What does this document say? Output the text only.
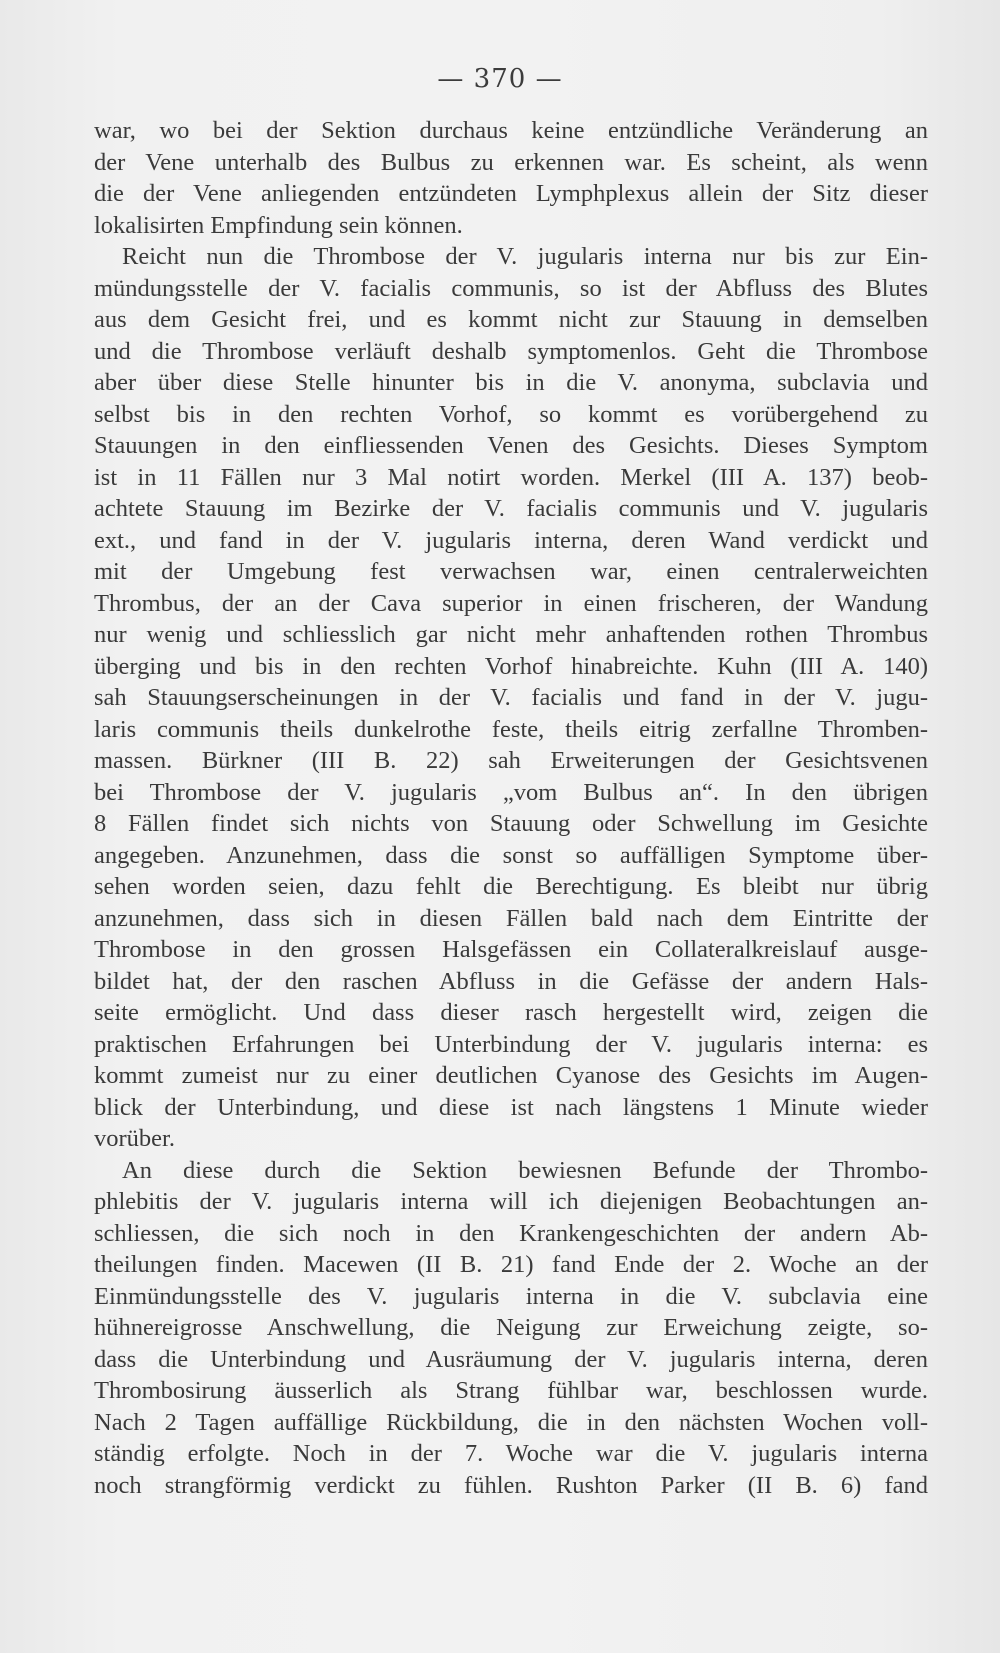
— 370 —
war, wo bei der Sektion durchaus keine entzündliche Veränderung an
der Vene unterhalb des Bulbus zu erkennen war. Es scheint, als wenn
die der Vene anliegenden entzündeten Lymphplexus allein der Sitz dieser
lokalisirten Empfindung sein können.
Reicht nun die Thrombose der V. jugularis interna nur bis zur Ein-
mündungsstelle der V. facialis communis, so ist der Abfluss des Blutes
aus dem Gesicht frei, und es kommt nicht zur Stauung in demselben
und die Thrombose verläuft deshalb symptomenlos. Geht die Thrombose
aber über diese Stelle hinunter bis in die V. anonyma, subclavia und
selbst bis in den rechten Vorhof, so kommt es vorübergehend zu
Stauungen in den einfliessenden Venen des Gesichts. Dieses Symptom
ist in 11 Fällen nur 3 Mal notirt worden. Merkel (III A. 137) beob-
achtete Stauung im Bezirke der V. facialis communis und V. jugularis
ext., und fand in der V. jugularis interna, deren Wand verdickt und
mit der Umgebung fest verwachsen war, einen centralerweichten
Thrombus, der an der Cava superior in einen frischeren, der Wandung
nur wenig und schliesslich gar nicht mehr anhaftenden rothen Thrombus
überging und bis in den rechten Vorhof hinabreichte. Kuhn (III A. 140)
sah Stauungserscheinungen in der V. facialis und fand in der V. jugu-
laris communis theils dunkelrothe feste, theils eitrig zerfallne Thromben-
massen. Bürkner (III B. 22) sah Erweiterungen der Gesichtsvenen
bei Thrombose der V. jugularis „vom Bulbus an“. In den übrigen
8 Fällen findet sich nichts von Stauung oder Schwellung im Gesichte
angegeben. Anzunehmen, dass die sonst so auffälligen Symptome über-
sehen worden seien, dazu fehlt die Berechtigung. Es bleibt nur übrig
anzunehmen, dass sich in diesen Fällen bald nach dem Eintritte der
Thrombose in den grossen Halsgefässen ein Collateralkreislauf ausge-
bildet hat, der den raschen Abfluss in die Gefässe der andern Hals-
seite ermöglicht. Und dass dieser rasch hergestellt wird, zeigen die
praktischen Erfahrungen bei Unterbindung der V. jugularis interna: es
kommt zumeist nur zu einer deutlichen Cyanose des Gesichts im Augen-
blick der Unterbindung, und diese ist nach längstens 1 Minute wieder
vorüber.
An diese durch die Sektion bewiesnen Befunde der Thrombo-
phlebitis der V. jugularis interna will ich diejenigen Beobachtungen an-
schliessen, die sich noch in den Krankengeschichten der andern Ab-
theilungen finden. Macewen (II B. 21) fand Ende der 2. Woche an der
Einmündungsstelle des V. jugularis interna in die V. subclavia eine
hühnereigrosse Anschwellung, die Neigung zur Erweichung zeigte, so-
dass die Unterbindung und Ausräumung der V. jugularis interna, deren
Thrombosirung äusserlich als Strang fühlbar war, beschlossen wurde.
Nach 2 Tagen auffällige Rückbildung, die in den nächsten Wochen voll-
ständig erfolgte. Noch in der 7. Woche war die V. jugularis interna
noch strangförmig verdickt zu fühlen. Rushton Parker (II B. 6) fand
